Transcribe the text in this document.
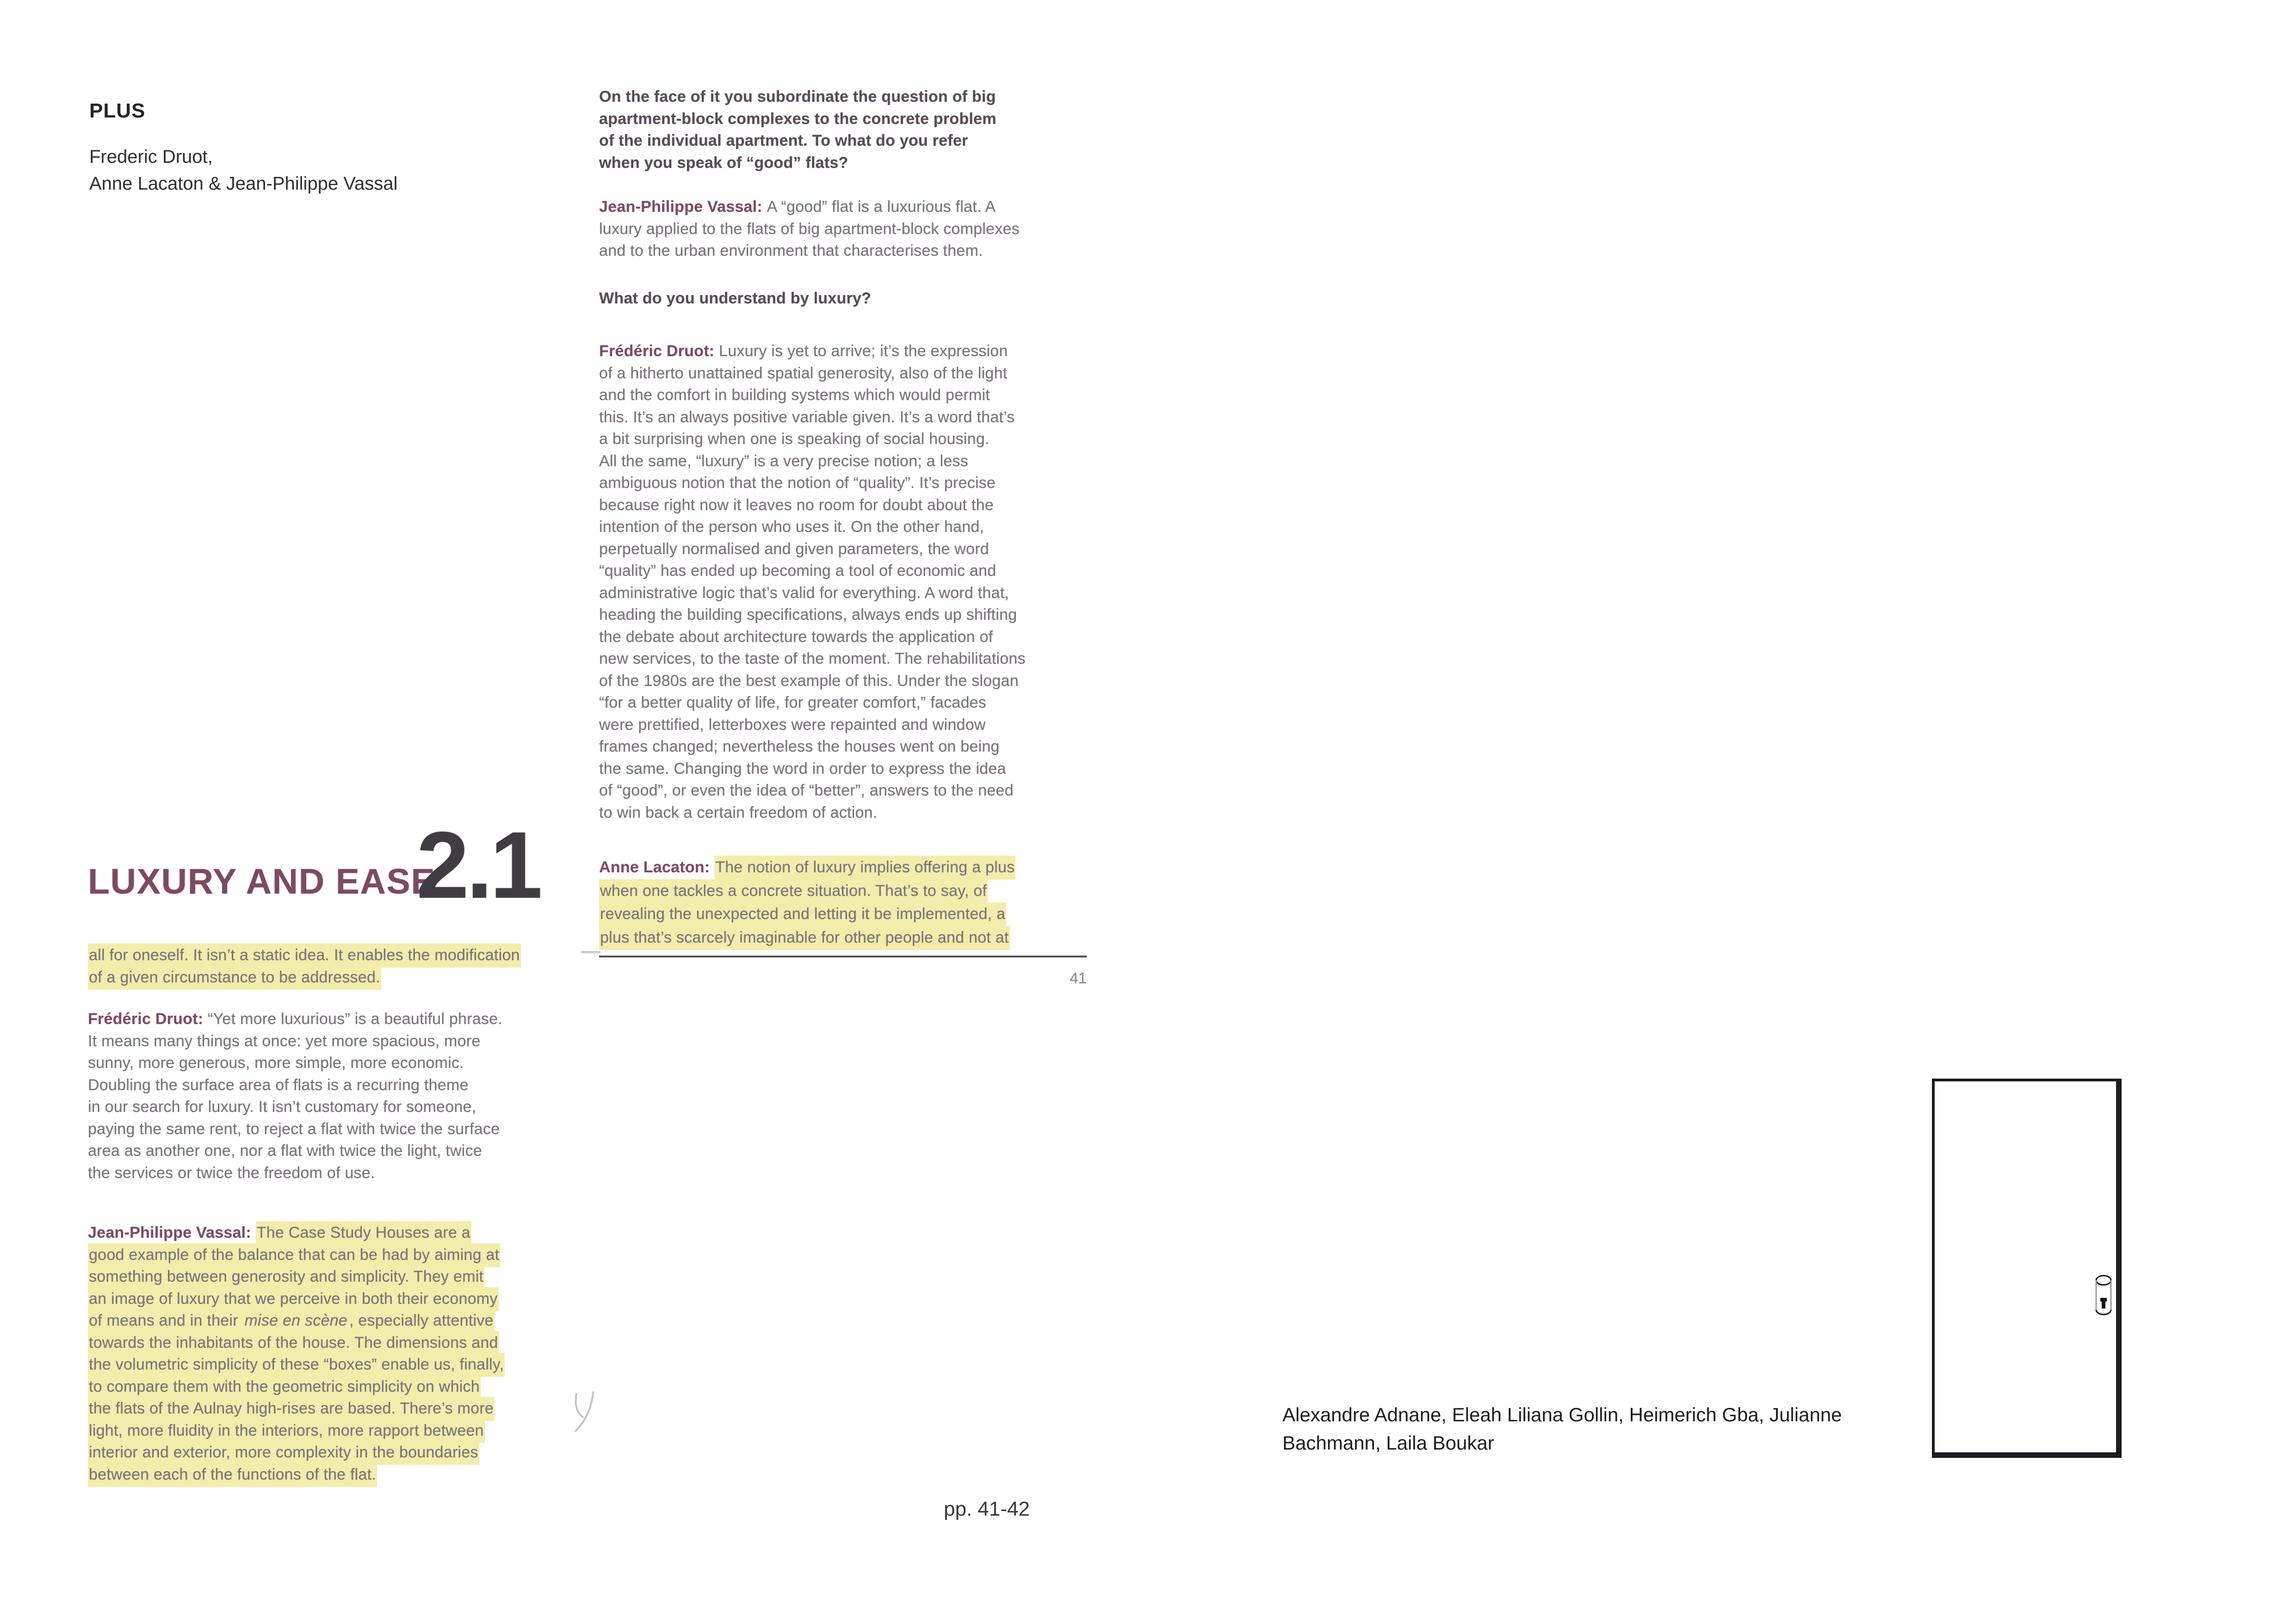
PLUS
Frederic Druot,
Anne Lacaton & Jean-Philippe Vassal
LUXURY AND EASE
2.1
all for oneself. It isn’t a static idea. It enables the modification
of a given circumstance to be addressed.
Frédéric Druot: “Yet more luxurious” is a beautiful phrase.
It means many things at once: yet more spacious, more
sunny, more generous, more simple, more economic.
Doubling the surface area of flats is a recurring theme
in our search for luxury. It isn’t customary for someone,
paying the same rent, to reject a flat with twice the surface
area as another one, nor a flat with twice the light, twice
the services or twice the freedom of use.
Jean-Philippe Vassal: The Case Study Houses are a
good example of the balance that can be had by aiming at
something between generosity and simplicity. They emit
an image of luxury that we perceive in both their economy
of means and in their mise en scène , especially attentive
towards the inhabitants of the house. The dimensions and
the volumetric simplicity of these “boxes” enable us, finally,
to compare them with the geometric simplicity on which
the flats of the Aulnay high-rises are based. There’s more
light, more fluidity in the interiors, more rapport between
interior and exterior, more complexity in the boundaries
between each of the functions of the flat.
On the face of it you subordinate the question of big
apartment-block complexes to the concrete problem
of the individual apartment. To what do you refer
when you speak of “good” flats?
Jean-Philippe Vassal: A “good” flat is a luxurious flat. A
luxury applied to the flats of big apartment-block complexes
and to the urban environment that characterises them.
What do you understand by luxury?
Frédéric Druot: Luxury is yet to arrive; it’s the expression
of a hitherto unattained spatial generosity, also of the light
and the comfort in building systems which would permit
this. It’s an always positive variable given. It’s a word that’s
a bit surprising when one is speaking of social housing.
All the same, “luxury” is a very precise notion; a less
ambiguous notion that the notion of “quality”. It’s precise
because right now it leaves no room for doubt about the
intention of the person who uses it. On the other hand,
perpetually normalised and given parameters, the word
“quality” has ended up becoming a tool of economic and
administrative logic that’s valid for everything. A word that,
heading the building specifications, always ends up shifting
the debate about architecture towards the application of
new services, to the taste of the moment. The rehabilitations
of the 1980s are the best example of this. Under the slogan
“for a better quality of life, for greater comfort,” facades
were prettified, letterboxes were repainted and window
frames changed; nevertheless the houses went on being
the same. Changing the word in order to express the idea
of “good”, or even the idea of “better”, answers to the need
to win back a certain freedom of action.
Anne Lacaton: The notion of luxury implies offering a plus
when one tackles a concrete situation. That’s to say, of
revealing the unexpected and letting it be implemented, a
plus that’s scarcely imaginable for other people and not at
41
Alexandre Adnane, Eleah Liliana Gollin, Heimerich Gba, Julianne
Bachmann, Laila Boukar
pp. 41-42
